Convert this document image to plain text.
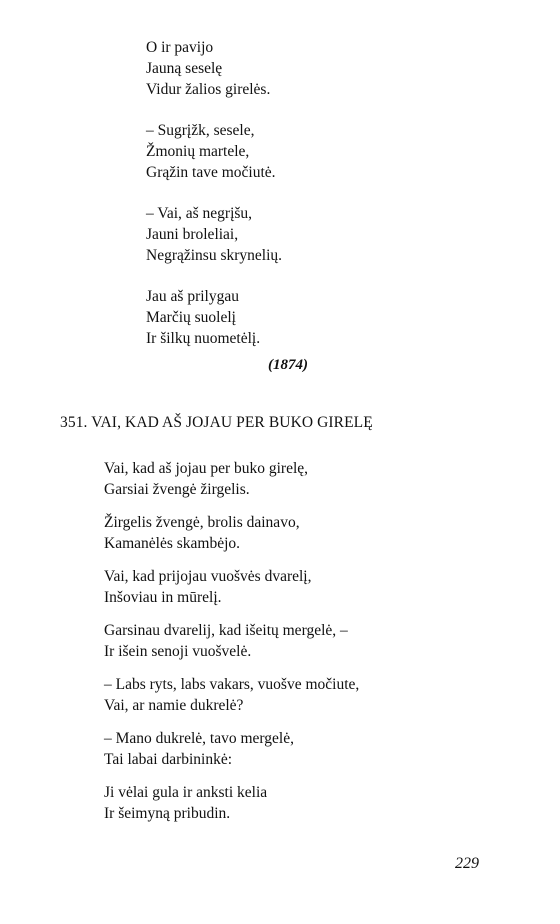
O ir pavijo
Jauną seselę
Vidur žalios girelės.
– Sugrįžk, sesele,
Žmonių martele,
Grąžin tave močiutė.
– Vai, aš negrįšu,
Jauni broleliai,
Negrąžinsu skrynelių.
Jau aš prilygau
Marčių suolelį
Ir šilkų nuometėlį.
(1874)
351. VAI, KAD AŠ JOJAU PER BUKO GIRELĘ
Vai, kad aš jojau per buko girelę,
Garsiai žvengė žirgelis.
Žirgelis žvengė, brolis dainavo,
Kamanėlės skambėjo.
Vai, kad prijojau vuošvės dvarelį,
Inšoviau in mūrelį.
Garsinau dvarelij, kad išeitų mergelė, –
Ir išein senoji vuošvelė.
– Labs ryts, labs vakars, vuošve močiute,
Vai, ar namie dukrelė?
– Mano dukrelė, tavo mergelė,
Tai labai darbininkė:
Ji vėlai gula ir anksti kelia
Ir šeimyną pribudin.
229
